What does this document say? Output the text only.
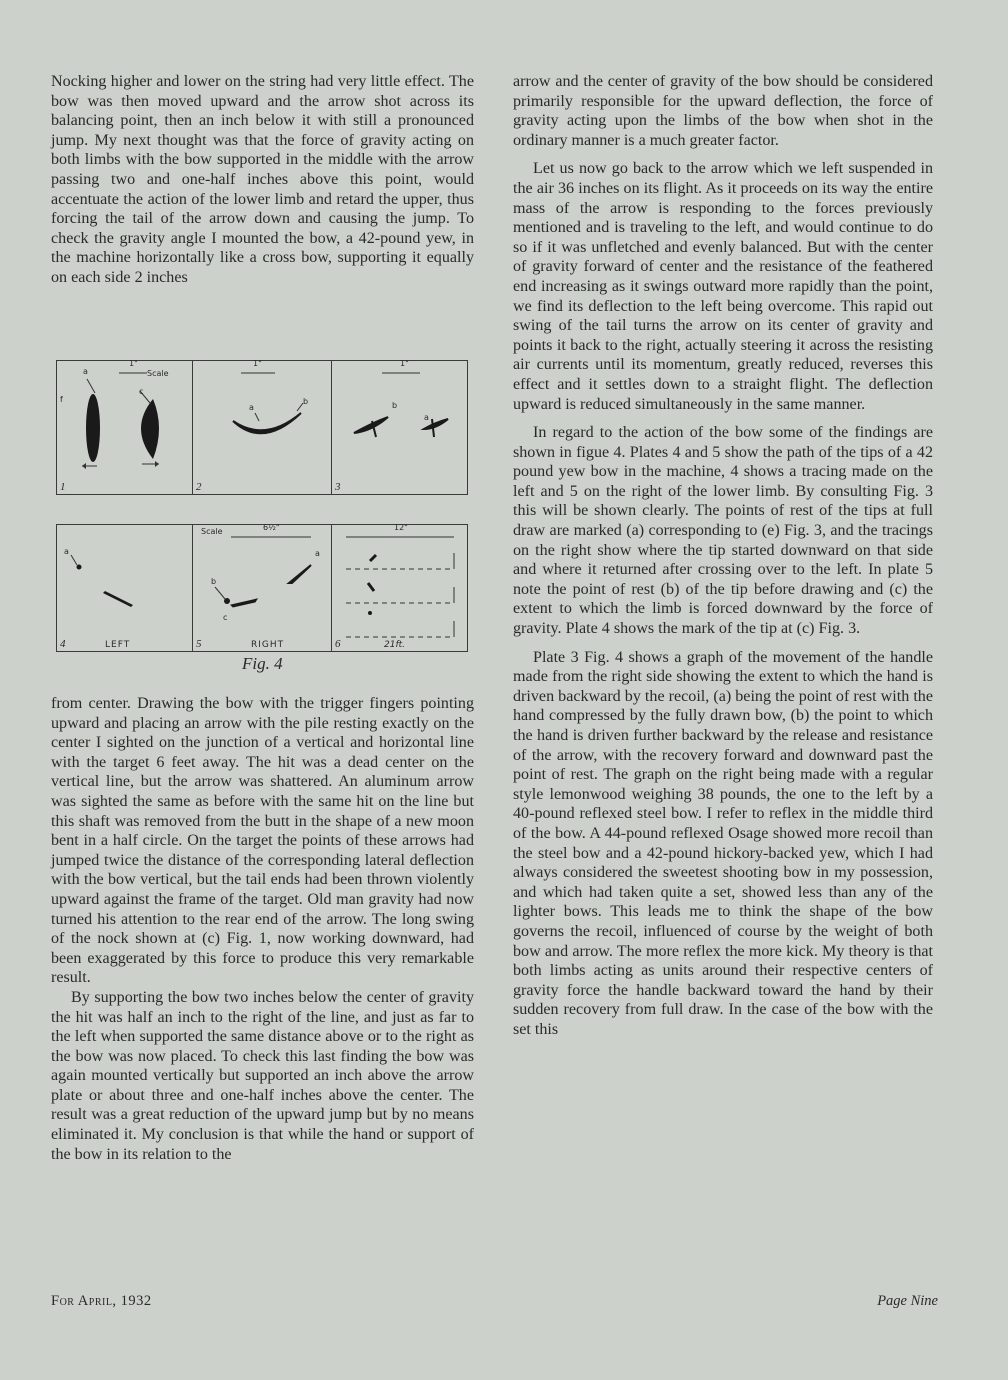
Nocking higher and lower on the string had very little effect. The bow was then moved upward and the arrow shot across its balancing point, then an inch below it with still a pronounced jump. My next thought was that the force of gravity acting on both limbs with the bow supported in the middle with the arrow passing two and one-half inches above this point, would accentuate the action of the lower limb and retard the upper, thus forcing the tail of the arrow down and causing the jump. To check the gravity angle I mounted the bow, a 42-pound yew, in the machine horizontally like a cross bow, supporting it equally on each side 2 inches

1"
Scale
a
c
f
1
1"
a
b
2
1"
a
b
3
a
4	LEFT
Scale	6½"
a
b
c
5	RIGHT
12"
6	21ft.
Fig. 4

from center. Drawing the bow with the trigger fingers pointing upward and placing an arrow with the pile resting exactly on the center I sighted on the junction of a vertical and horizontal line with the target 6 feet away. The hit was a dead center on the vertical line, but the arrow was shattered. An aluminum arrow was sighted the same as before with the same hit on the line but this shaft was removed from the butt in the shape of a new moon bent in a half circle. On the target the points of these arrows had jumped twice the distance of the corresponding lateral deflection with the bow vertical, but the tail ends had been thrown violently upward against the frame of the target. Old man gravity had now turned his attention to the rear end of the arrow. The long swing of the nock shown at (c) Fig. 1, now working downward, had been exaggerated by this force to produce this very remarkable result.

By supporting the bow two inches below the center of gravity the hit was half an inch to the right of the line, and just as far to the left when supported the same distance above or to the right as the bow was now placed. To check this last finding the bow was again mounted vertically but supported an inch above the arrow plate or about three and one-half inches above the center. The result was a great reduction of the upward jump but by no means eliminated it. My conclusion is that while the hand or support of the bow in its relation to the

arrow and the center of gravity of the bow should be considered primarily responsible for the upward deflection, the force of gravity acting upon the limbs of the bow when shot in the ordinary manner is a much greater factor.

Let us now go back to the arrow which we left suspended in the air 36 inches on its flight. As it proceeds on its way the entire mass of the arrow is responding to the forces previously mentioned and is traveling to the left, and would continue to do so if it was unfletched and evenly balanced. But with the center of gravity forward of center and the resistance of the feathered end increasing as it swings outward more rapidly than the point, we find its deflection to the left being overcome. This rapid out swing of the tail turns the arrow on its center of gravity and points it back to the right, actually steering it across the resisting air currents until its momentum, greatly reduced, reverses this effect and it settles down to a straight flight. The deflection upward is reduced simultaneously in the same manner.

In regard to the action of the bow some of the findings are shown in figue 4. Plates 4 and 5 show the path of the tips of a 42 pound yew bow in the machine, 4 shows a tracing made on the left and 5 on the right of the lower limb. By consulting Fig. 3 this will be shown clearly. The points of rest of the tips at full draw are marked (a) corresponding to (e) Fig. 3, and the tracings on the right show where the tip started downward on that side and where it returned after crossing over to the left. In plate 5 note the point of rest (b) of the tip before drawing and (c) the extent to which the limb is forced downward by the force of gravity. Plate 4 shows the mark of the tip at (c) Fig. 3.

Plate 3 Fig. 4 shows a graph of the movement of the handle made from the right side showing the extent to which the hand is driven backward by the recoil, (a) being the point of rest with the hand compressed by the fully drawn bow, (b) the point to which the hand is driven further backward by the release and resistance of the arrow, with the recovery forward and downward past the point of rest. The graph on the right being made with a regular style lemonwood weighing 38 pounds, the one to the left by a 40-pound reflexed steel bow. I refer to reflex in the middle third of the bow. A 44-pound reflexed Osage showed more recoil than the steel bow and a 42-pound hickory-backed yew, which I had always considered the sweetest shooting bow in my possession, and which had taken quite a set, showed less than any of the lighter bows. This leads me to think the shape of the bow governs the recoil, influenced of course by the weight of both bow and arrow. The more reflex the more kick. My theory is that both limbs acting as units around their respective centers of gravity force the handle backward toward the hand by their sudden recovery from full draw. In the case of the bow with the set this

For April, 1932	Page Nine
